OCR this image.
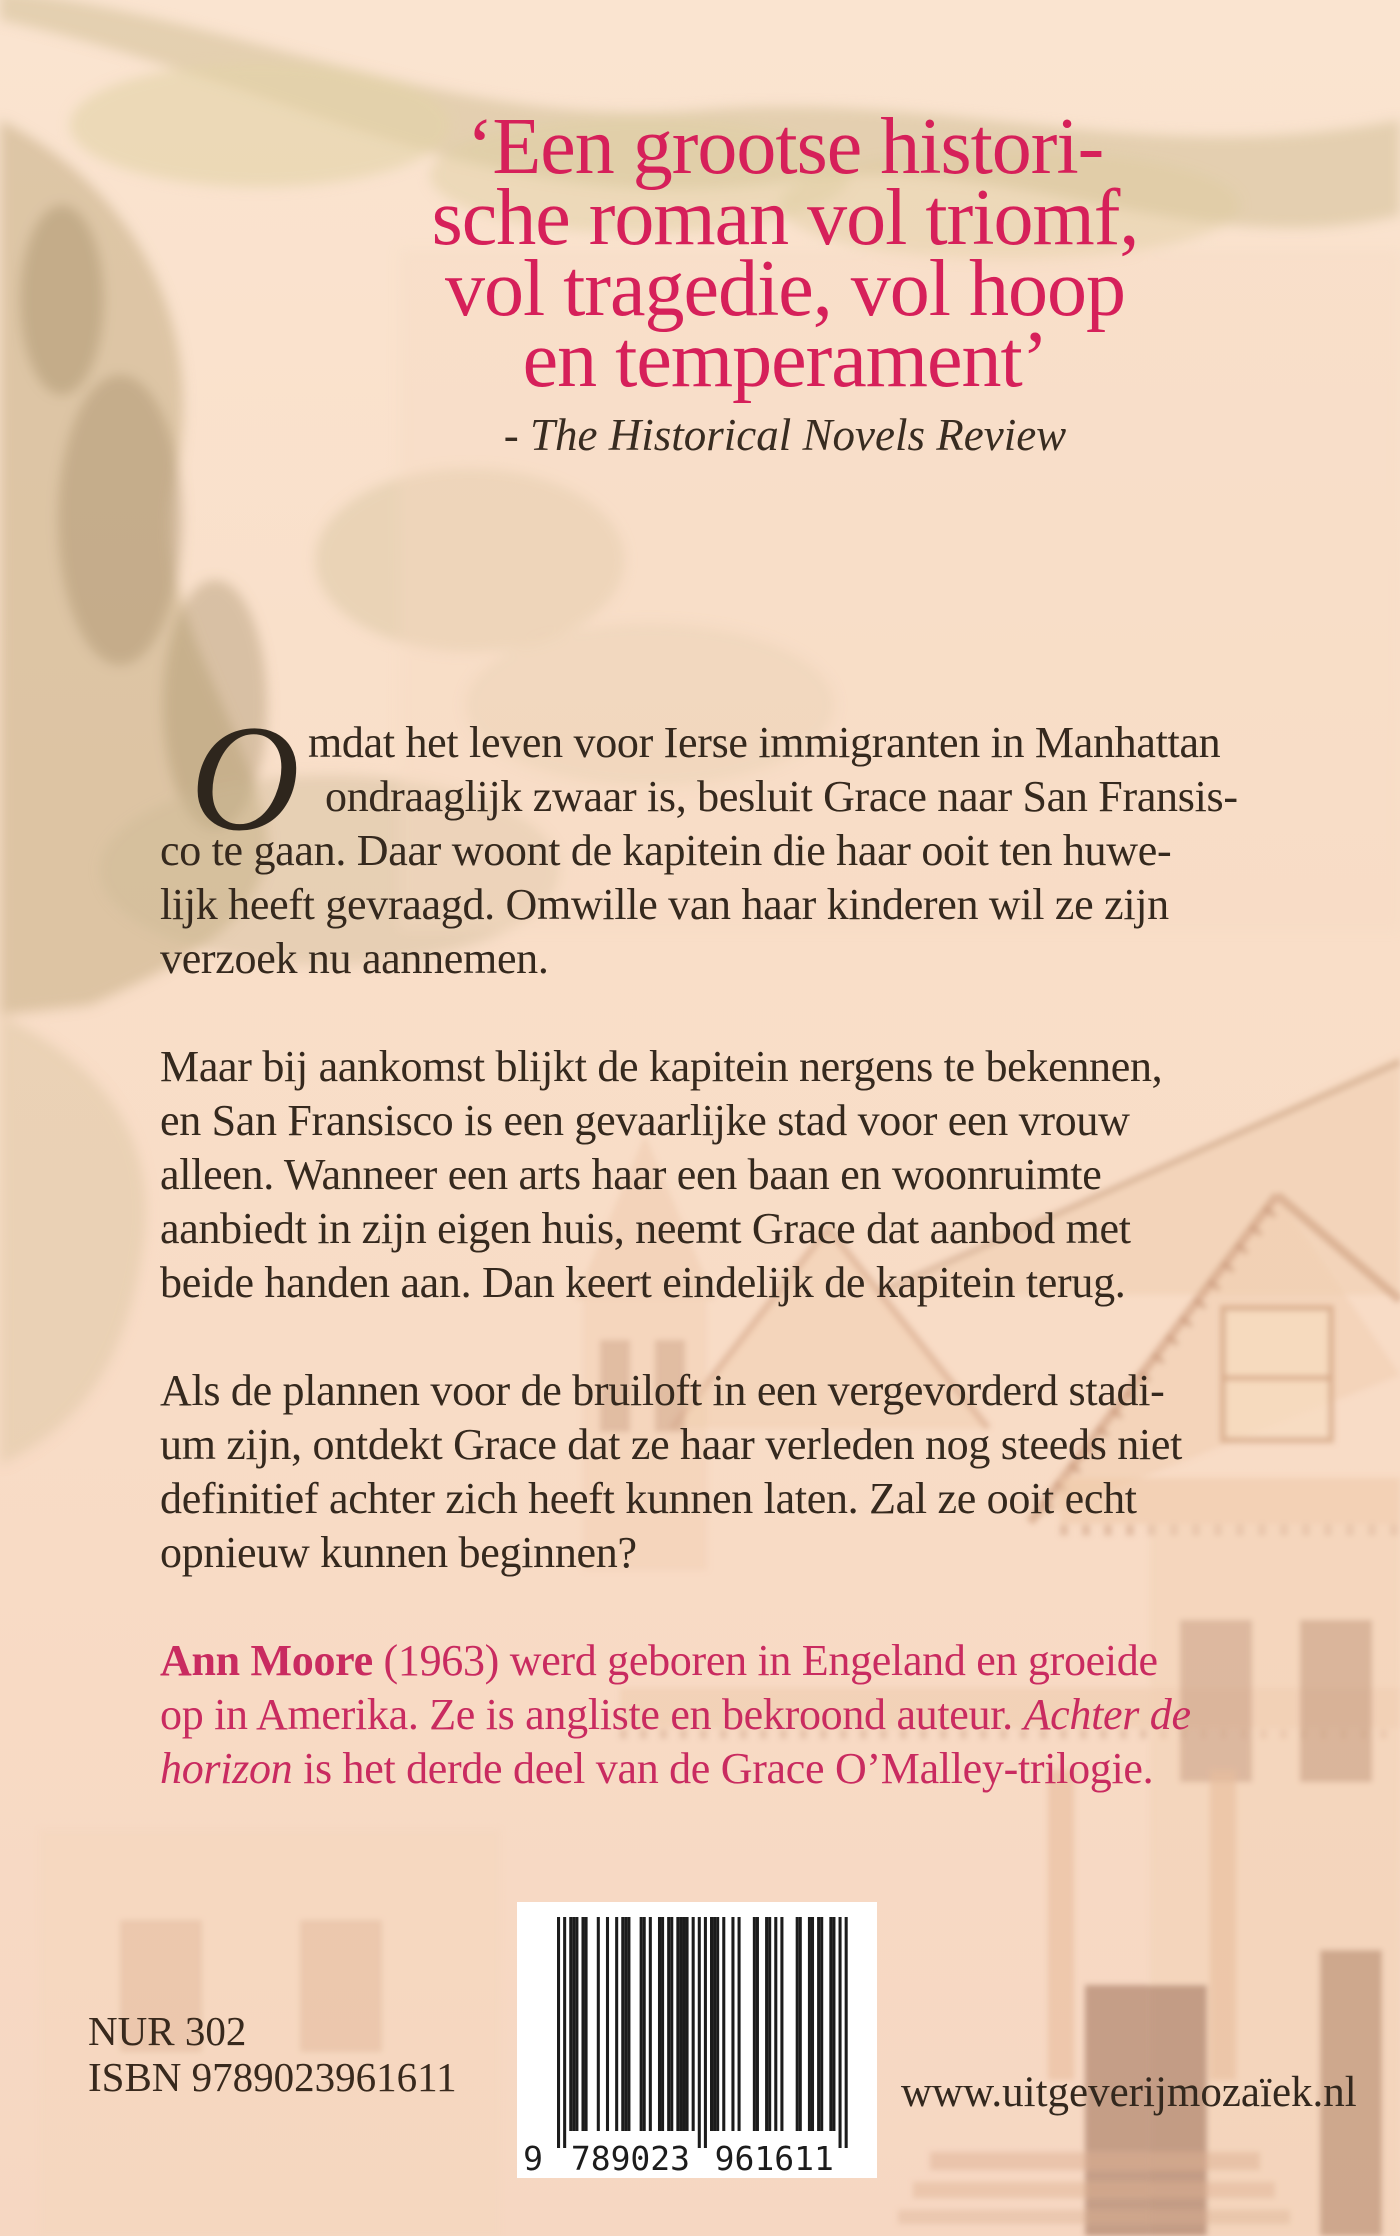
‘Een grootse histori-
sche roman vol triomf,
vol tragedie, vol hoop
en temperament’
- The Historical Novels Review
O mdat het leven voor Ierse immigranten in Manhattan
ondraaglijk zwaar is, besluit Grace naar San Fransis-
co te gaan. Daar woont de kapitein die haar ooit ten huwe-
lijk heeft gevraagd. Omwille van haar kinderen wil ze zijn
verzoek nu aannemen.
Maar bij aankomst blijkt de kapitein nergens te bekennen,
en San Fransisco is een gevaarlijke stad voor een vrouw
alleen. Wanneer een arts haar een baan en woonruimte
aanbiedt in zijn eigen huis, neemt Grace dat aanbod met
beide handen aan. Dan keert eindelijk de kapitein terug.
Als de plannen voor de bruiloft in een vergevorderd stadi-
um zijn, ontdekt Grace dat ze haar verleden nog steeds niet
definitief achter zich heeft kunnen laten. Zal ze ooit echt
opnieuw kunnen beginnen?
Ann Moore (1963) werd geboren in Engeland en groeide
op in Amerika. Ze is angliste en bekroond auteur. Achter de
horizon is het derde deel van de Grace O’Malley-trilogie.
NUR 302
ISBN 9789023961611
9 789023 961611
www.uitgeverijmozaïek.nl
